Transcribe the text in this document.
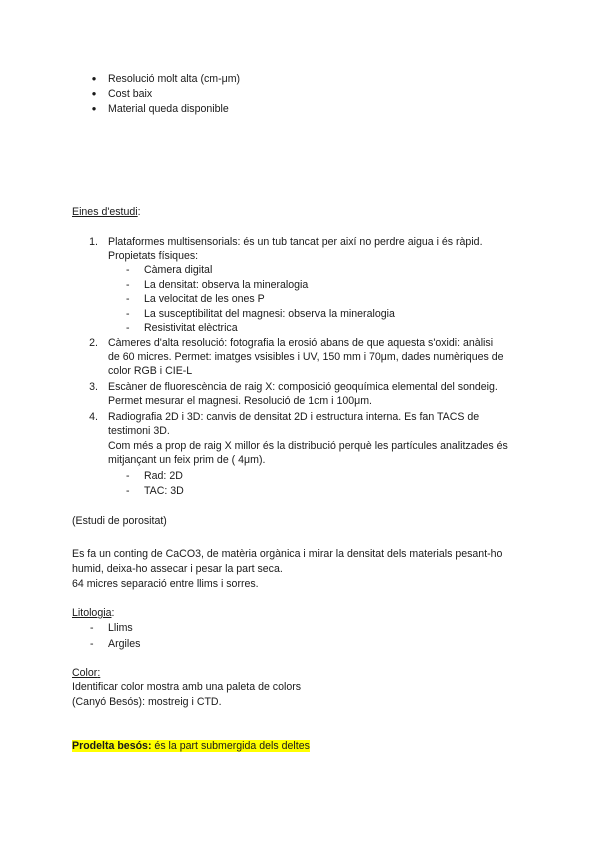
●	Resolució molt alta (cm-μm)
●	Cost baix
●	Material queda disponible
Eines d'estudi:
1. Plataformes multisensorials: és un tub tancat per així no perdre aigua i és ràpid.
Propietats físiques:
- Càmera digital
- La densitat: observa la mineralogia
- La velocitat de les ones P
- La susceptibilitat del magnesi: observa la mineralogia
- Resistivitat elèctrica
2. Càmeres d'alta resolució: fotografia la erosió abans de que aquesta s'oxidi: anàlisi
de 60 micres. Permet: imatges vsisibles i UV, 150 mm i 70μm, dades numèriques de
color RGB i CIE-L
3. Escàner de fluorescència de raig X: composició geoquímica elemental del sondeig.
Permet mesurar el magnesi. Resolució de 1cm i 100μm.
4. Radiografia 2D i 3D: canvis de densitat 2D i estructura interna. Es fan TACS de
testimoni 3D.
Com més a prop de raig X millor és la distribució perquè les partícules analitzades és
mitjançant un feix prim de ( 4μm).
- Rad: 2D
- TAC: 3D
(Estudi de porositat)
Es fa un conting de CaCO3, de matèria orgànica i mirar la densitat dels materials pesant-ho
humid, deixa-ho assecar i pesar la part seca.
64 micres separació entre llims i sorres.
Litologia:
- Llims
- Argiles
Color:
Identificar color mostra amb una paleta de colors
(Canyó Besós): mostreig i CTD.
Prodelta besós: és la part submergida dels deltes
